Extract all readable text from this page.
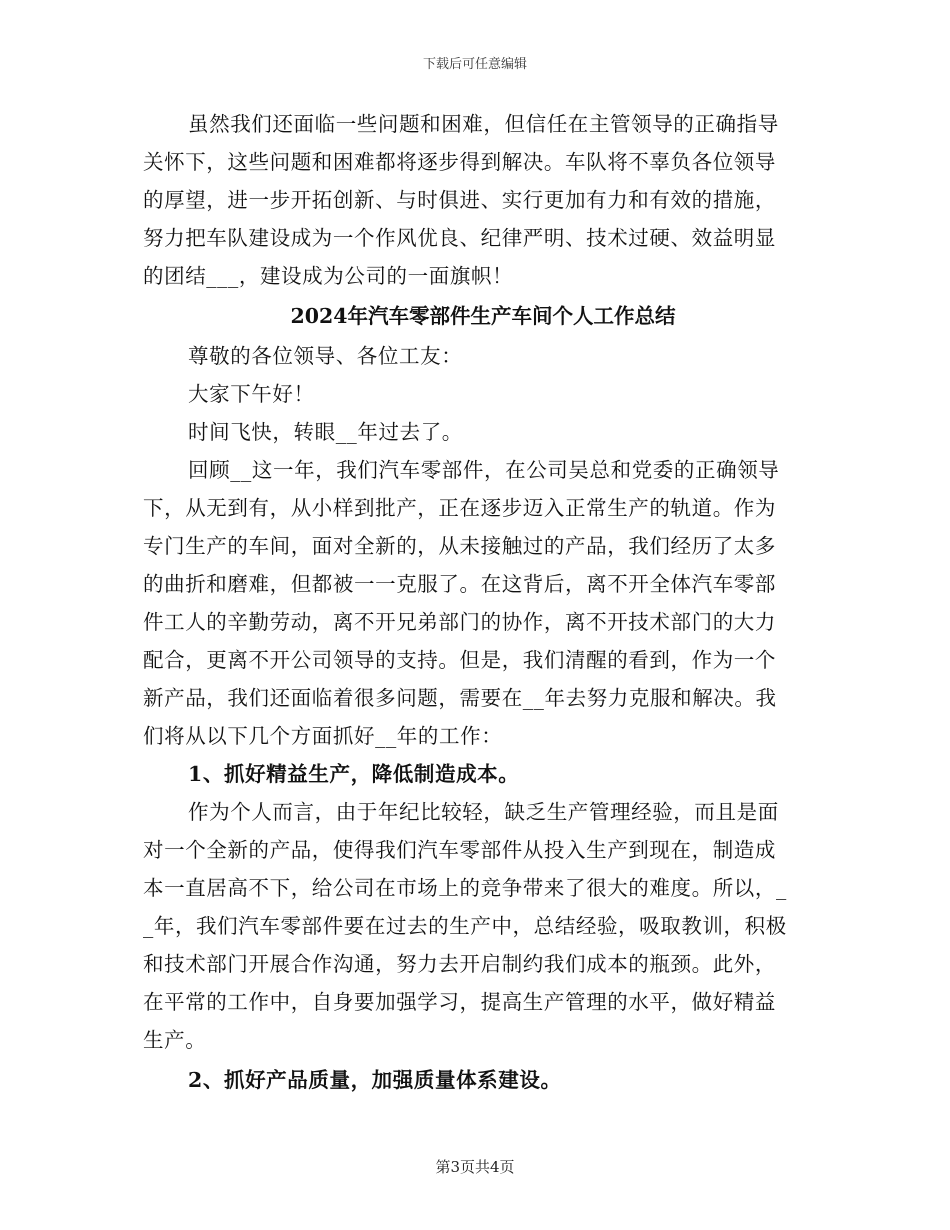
下载后可任意编辑
虽然我们还面临一些问题和困难，但信任在主管领导的正确指导
关怀下，这些问题和困难都将逐步得到解决。车队将不辜负各位领导
的厚望，进一步开拓创新、与时俱进、实行更加有力和有效的措施，
努力把车队建设成为一个作风优良、纪律严明、技术过硬、效益明显
的团结___，建设成为公司的一面旗帜！
2024年汽车零部件生产车间个人工作总结
尊敬的各位领导、各位工友：
大家下午好！
时间飞快，转眼__年过去了。
回顾__这一年，我们汽车零部件，在公司吴总和党委的正确领导
下，从无到有，从小样到批产，正在逐步迈入正常生产的轨道。作为
专门生产的车间，面对全新的，从未接触过的产品，我们经历了太多
的曲折和磨难，但都被一一克服了。在这背后，离不开全体汽车零部
件工人的辛勤劳动，离不开兄弟部门的协作，离不开技术部门的大力
配合，更离不开公司领导的支持。但是，我们清醒的看到，作为一个
新产品，我们还面临着很多问题，需要在__年去努力克服和解决。我
们将从以下几个方面抓好__年的工作：
1、抓好精益生产，降低制造成本。
作为个人而言，由于年纪比较轻，缺乏生产管理经验，而且是面
对一个全新的产品，使得我们汽车零部件从投入生产到现在，制造成
本一直居高不下，给公司在市场上的竞争带来了很大的难度。所以，_
_年，我们汽车零部件要在过去的生产中，总结经验，吸取教训，积极
和技术部门开展合作沟通，努力去开启制约我们成本的瓶颈。此外，
在平常的工作中，自身要加强学习，提高生产管理的水平，做好精益
生产。
2、抓好产品质量，加强质量体系建设。
第3页共4页
